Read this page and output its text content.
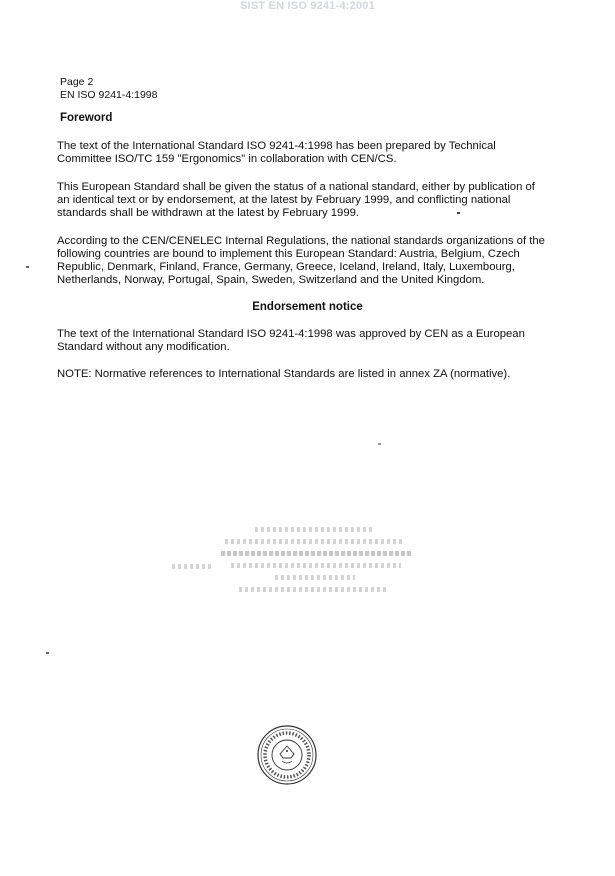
SIST EN ISO 9241-4:2001
Page 2
EN ISO 9241-4:1998
Foreword
The text of the International Standard ISO 9241-4:1998 has been prepared by Technical
Committee ISO/TC 159 "Ergonomics" in collaboration with CEN/CS.
This European Standard shall be given the status of a national standard, either by publication of
an identical text or by endorsement, at the latest by February 1999, and conflicting national
standards shall be withdrawn at the latest by February 1999.
According to the CEN/CENELEC Internal Regulations, the national standards organizations of the
following countries are bound to implement this European Standard: Austria, Belgium, Czech
Republic, Denmark, Finland, France, Germany, Greece, Iceland, Ireland, Italy, Luxembourg,
Netherlands, Norway, Portugal, Spain, Sweden, Switzerland and the United Kingdom.
Endorsement notice
The text of the International Standard ISO 9241-4:1998 was approved by CEN as a European
Standard without any modification.
NOTE: Normative references to International Standards are listed in annex ZA (normative).
